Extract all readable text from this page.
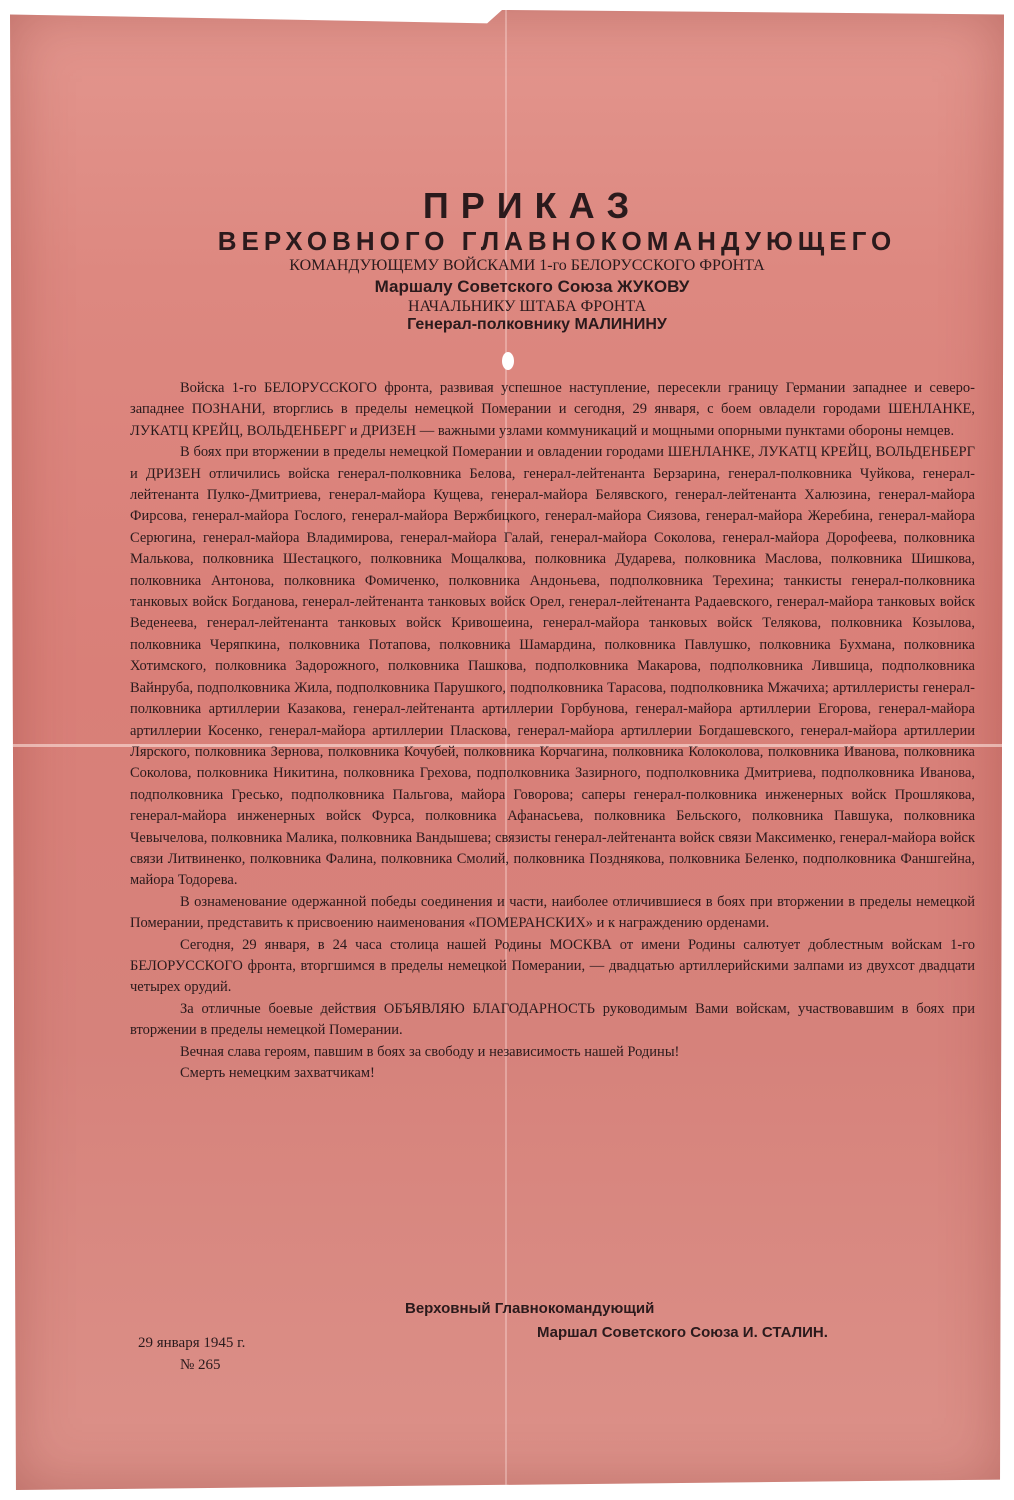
ПРИКАЗ
ВЕРХОВНОГО ГЛАВНОКОМАНДУЮЩЕГО
КОМАНДУЮЩЕМУ ВОЙСКАМИ 1-го БЕЛОРУССКОГО ФРОНТА
Маршалу Советского Союза ЖУКОВУ
НАЧАЛЬНИКУ ШТАБА ФРОНТА
Генерал-полковнику МАЛИНИНУ

Войска 1-го БЕЛОРУССКОГО фронта, развивая успешное наступление, пересекли границу Германии западнее и северо-западнее ПОЗНАНИ, вторглись в пределы немецкой Померании и сегодня, 29 января, с боем овладели городами ШЕНЛАНКЕ, ЛУКАТЦ КРЕЙЦ, ВОЛЬДЕНБЕРГ и ДРИЗЕН — важными узлами коммуникаций и мощными опорными пунктами обороны немцев.

В боях при вторжении в пределы немецкой Померании и овладении городами ШЕНЛАНКЕ, ЛУКАТЦ КРЕЙЦ, ВОЛЬДЕНБЕРГ и ДРИЗЕН отличились войска генерал-полковника Белова, генерал-лейтенанта Берзарина, генерал-полковника Чуйкова, генерал-лейтенанта Пулко-Дмитриева, генерал-майора Кущева, генерал-майора Белявского, генерал-лейтенанта Халюзина, генерал-майора Фирсова, генерал-майора Гослого, генерал-майора Вержбицкого, генерал-майора Сиязова, генерал-майора Жеребина, генерал-майора Серюгина, генерал-майора Владимирова, генерал-майора Галай, генерал-майора Соколова, генерал-майора Дорофеева, полковника Малькова, полковника Шестацкого, полковника Мощалкова, полковника Дударева, полковника Маслова, полковника Шишкова, полковника Антонова, полковника Фомиченко, полковника Андоньева, подполковника Терехина; танкисты генерал-полковника танковых войск Богданова, генерал-лейтенанта танковых войск Орел, генерал-лейтенанта Радаевского, генерал-майора танковых войск Веденеева, генерал-лейтенанта танковых войск Кривошеина, генерал-майора танковых войск Телякова, полковника Козылова, полковника Черяпкина, полковника Потапова, полковника Шамардина, полковника Павлушко, полковника Бухмана, полковника Хотимского, полковника Задорожного, полковника Пашкова, подполковника Макарова, подполковника Лившица, подполковника Вайнруба, подполковника Жила, подполковника Парушкого, подполковника Тарасова, подполковника Мжачиха; артиллеристы генерал-полковника артиллерии Казакова, генерал-лейтенанта артиллерии Горбунова, генерал-майора артиллерии Егорова, генерал-майора артиллерии Косенко, генерал-майора артиллерии Пласкова, генерал-майора артиллерии Богдашевского, генерал-майора артиллерии Лярского, полковника Зернова, полковника Кочубей, полковника Корчагина, полковника Колоколова, полковника Иванова, полковника Соколова, полковника Никитина, полковника Грехова, подполковника Зазирного, подполковника Дмитриева, подполковника Иванова, подполковника Гресько, подполковника Пальгова, майора Говорова; саперы генерал-полковника инженерных войск Прошлякова, генерал-майора инженерных войск Фурса, полковника Афанасьева, полковника Бельского, полковника Павшука, полковника Чевычелова, полковника Малика, полковника Вандышева; связисты генерал-лейтенанта войск связи Максименко, генерал-майора войск связи Литвиненко, полковника Фалина, полковника Смолий, полковника Позднякова, полковника Беленко, подполковника Фаншгейна, майора Тодорева.

В ознаменование одержанной победы соединения и части, наиболее отличившиеся в боях при вторжении в пределы немецкой Померании, представить к присвоению наименования «ПОМЕРАНСКИХ» и к награждению орденами.

Сегодня, 29 января, в 24 часа столица нашей Родины МОСКВА от имени Родины салютует доблестным войскам 1-го БЕЛОРУССКОГО фронта, вторгшимся в пределы немецкой Померании, — двадцатью артиллерийскими залпами из двухсот двадцати четырех орудий.

За отличные боевые действия ОБЪЯВЛЯЮ БЛАГОДАРНОСТЬ руководимым Вами войскам, участвовавшим в боях при вторжении в пределы немецкой Померании.

Вечная слава героям, павшим в боях за свободу и независимость нашей Родины!

Смерть немецким захватчикам!

Верховный Главнокомандующий
Маршал Советского Союза И. СТАЛИН.
29 января 1945 г.
№ 265
